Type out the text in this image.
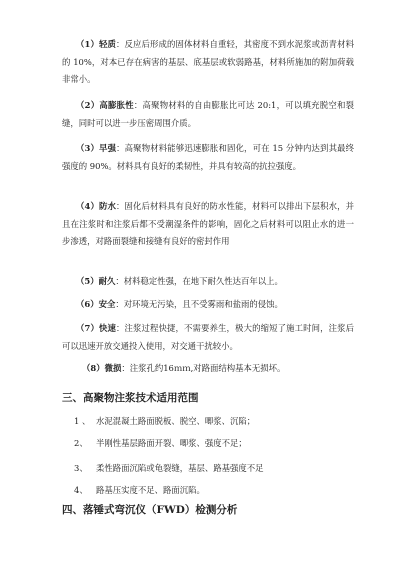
（1）轻质：反应后形成的固体材料自重轻，其密度不到水泥浆或沥青材料的 10%，对本已存在病害的基层、底基层或软弱路基，材料所施加的附加荷载非常小。

（2）高膨胀性：高聚物材料的自由膨胀比可达 20:1，可以填充脱空和裂缝，同时可以进一步压密周围介质。

（3）早强：高聚物材料能够迅速膨胀和固化，可在 15 分钟内达到其最终强度的 90%。材料具有良好的柔韧性，并具有较高的抗拉强度。

（4）防水：固化后材料具有良好的防水性能，材料可以排出下层积水，并且在注浆时和注浆后都不受潮湿条件的影响，固化之后材料可以阻止水的进一步渗透，对路面裂缝和接缝有良好的密封作用

（5）耐久：材料稳定性强，在地下耐久性达百年以上。

（6）安全：对环境无污染，且不受雾雨和盐雨的侵蚀。

（7）快速：注浆过程快捷，不需要养生，极大的缩短了施工时间，注浆后可以迅速开放交通投入使用，对交通干扰较小。

（8）微损：注浆孔约16ｍｍ,对路面结构基本无损坏。

三、高聚物注浆技术适用范围
1 、 水泥混凝土路面脱板、脱空、唧浆、沉陷；
2、 半刚性基层路面开裂、唧浆、强度不足；
3、 柔性路面沉陷或龟裂缝，基层、路基强度不足
4、 路基压实度不足、路面沉陷。
四、落锤式弯沉仪（FWD）检测分析
